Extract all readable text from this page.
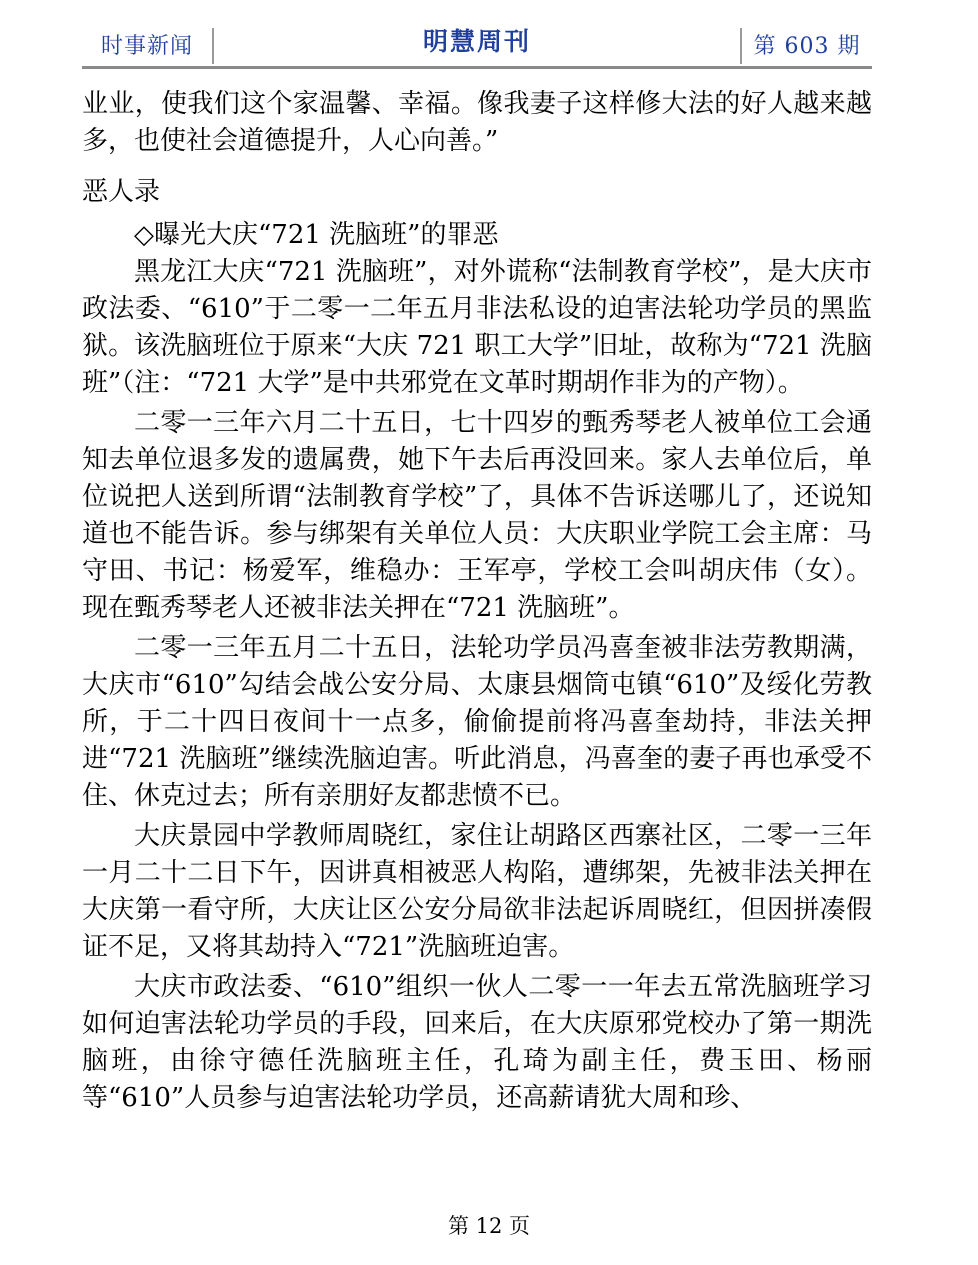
时事新闻	明慧周刊	第 603 期

业业，使我们这个家温馨、幸福。像我妻子这样修大法的好人越来越多，也使社会道德提升，人心向善。”

恶人录

◇曝光大庆“721 洗脑班”的罪恶

黑龙江大庆“721 洗脑班”，对外谎称“法制教育学校”，是大庆市政法委、“610”于二零一二年五月非法私设的迫害法轮功学员的黑监狱。该洗脑班位于原来“大庆 721 职工大学”旧址，故称为“721 洗脑班”（注：“721 大学”是中共邪党在文革时期胡作非为的产物）。

二零一三年六月二十五日，七十四岁的甄秀琴老人被单位工会通知去单位退多发的遗属费，她下午去后再没回来。家人去单位后，单位说把人送到所谓“法制教育学校”了，具体不告诉送哪儿了，还说知道也不能告诉。参与绑架有关单位人员：大庆职业学院工会主席：马守田、书记：杨爱军，维稳办：王军亭，学校工会叫胡庆伟（女）。现在甄秀琴老人还被非法关押在“721 洗脑班”。

二零一三年五月二十五日，法轮功学员冯喜奎被非法劳教期满，大庆市“610”勾结会战公安分局、太康县烟筒屯镇“610”及绥化劳教所，于二十四日夜间十一点多，偷偷提前将冯喜奎劫持，非法关押进“721 洗脑班”继续洗脑迫害。听此消息，冯喜奎的妻子再也承受不住、休克过去；所有亲朋好友都悲愤不已。

大庆景园中学教师周晓红，家住让胡路区西寨社区，二零一三年一月二十二日下午，因讲真相被恶人构陷，遭绑架，先被非法关押在大庆第一看守所，大庆让区公安分局欲非法起诉周晓红，但因拼凑假证不足，又将其劫持入“721”洗脑班迫害。

大庆市政法委、“610”组织一伙人二零一一年去五常洗脑班学习如何迫害法轮功学员的手段，回来后，在大庆原邪党校办了第一期洗脑班，由徐守德任洗脑班主任，孔琦为副主任，费玉田、杨丽等“610”人员参与迫害法轮功学员，还高薪请犹大周和珍、

第 12 页
